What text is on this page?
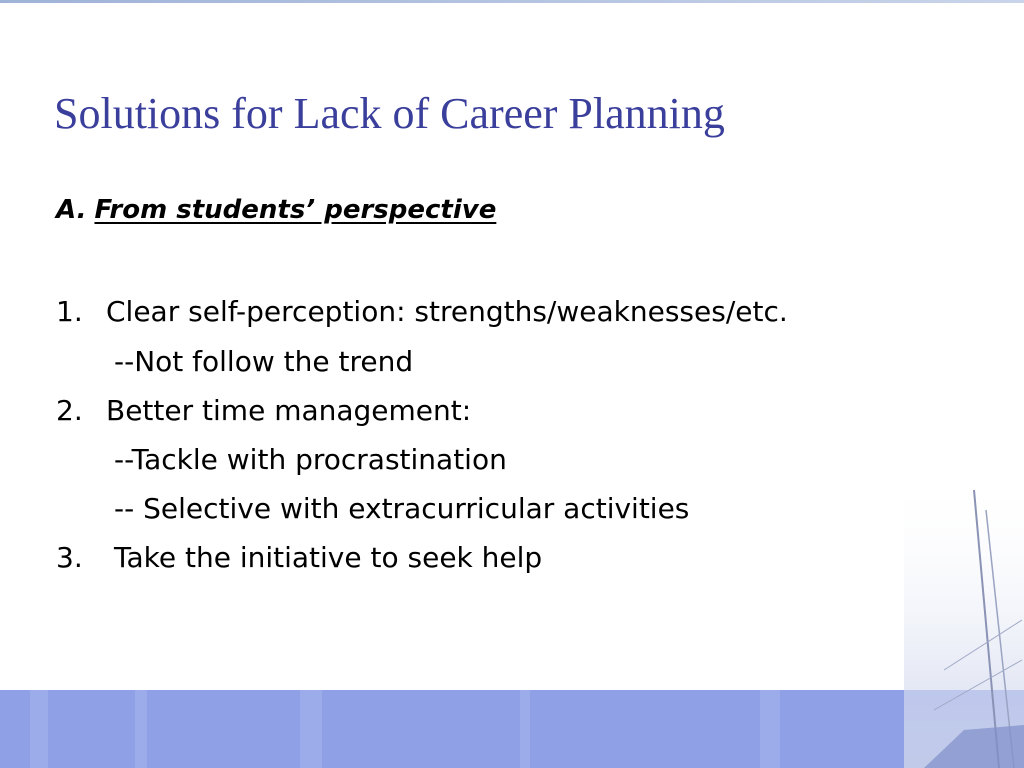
Solutions for Lack of Career Planning
A. From students’ perspective
1. Clear self-perception: strengths/weaknesses/etc.
--Not follow the trend
2. Better time management:
--Tackle with procrastination
-- Selective with extracurricular activities
3. Take the initiative to seek help
